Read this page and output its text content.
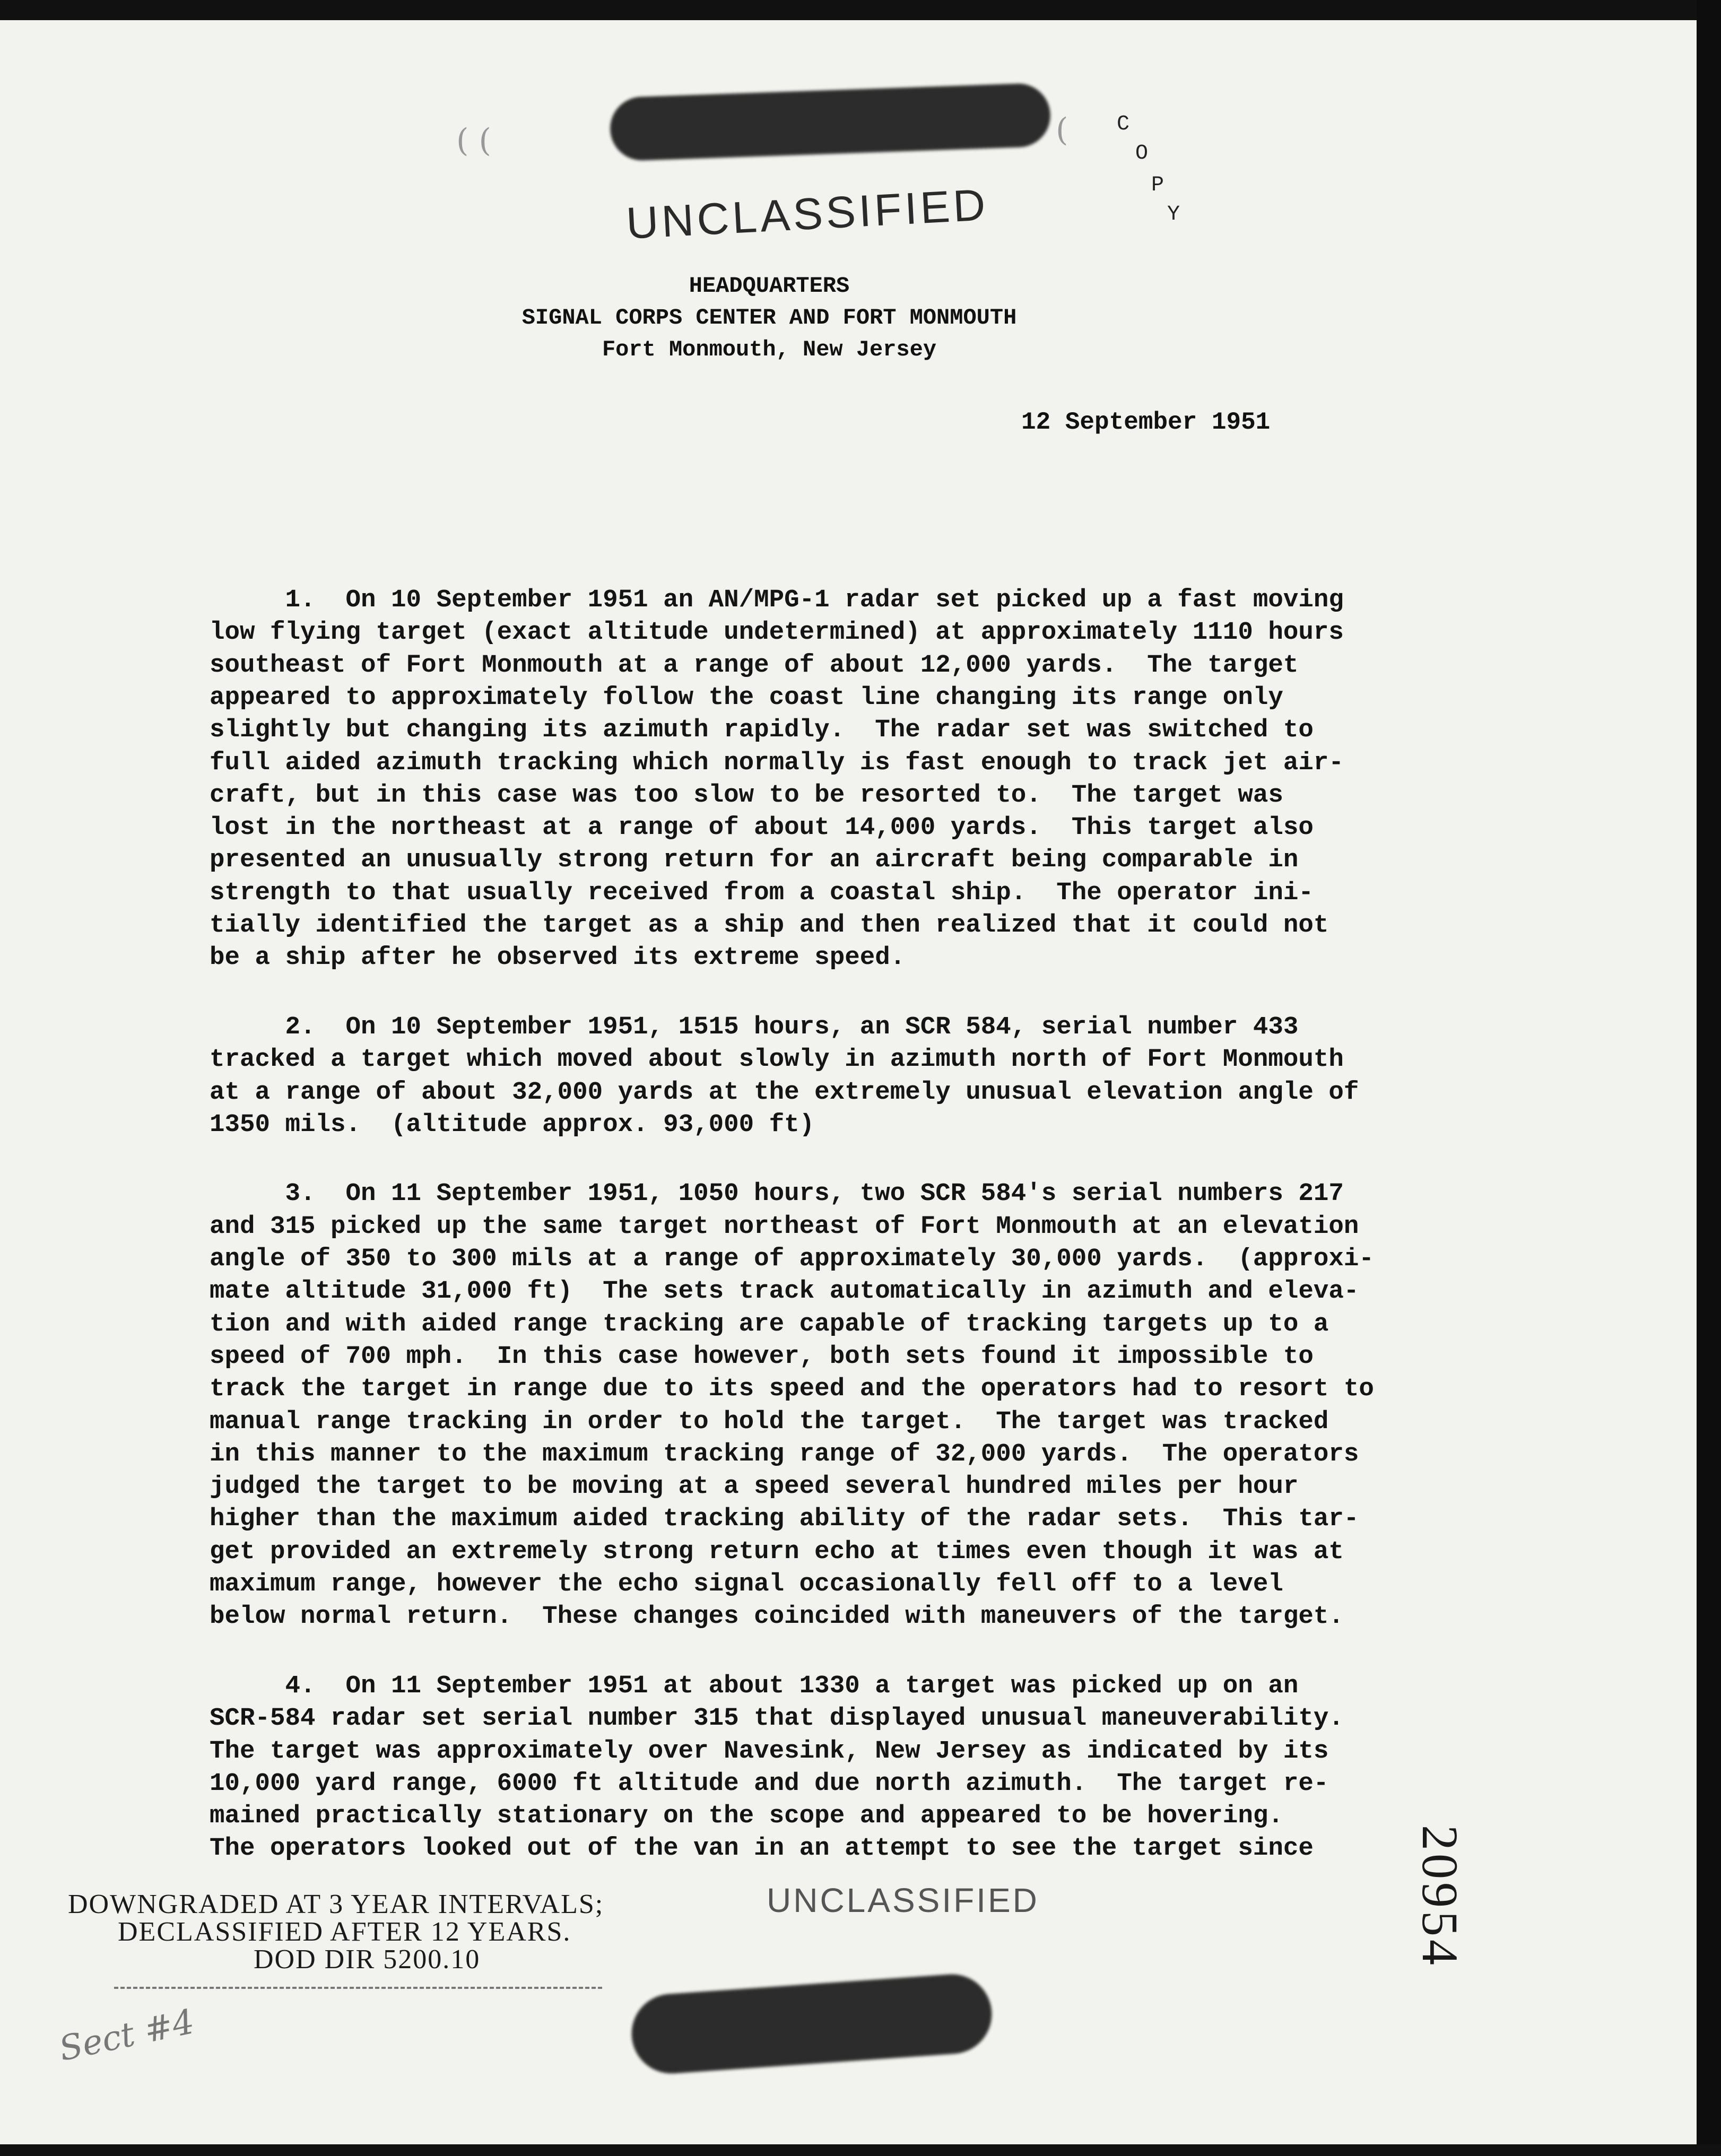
( (	( C
O
P
Y
UNCLASSIFIED
HEADQUARTERS
SIGNAL CORPS CENTER AND FORT MONMOUTH
Fort Monmouth, New Jersey
12 September 1951
1.  On 10 September 1951 an AN/MPG-1 radar set picked up a fast moving
low flying target (exact altitude undetermined) at approximately 1110 hours
southeast of Fort Monmouth at a range of about 12,000 yards.  The target
appeared to approximately follow the coast line changing its range only
slightly but changing its azimuth rapidly.  The radar set was switched to
full aided azimuth tracking which normally is fast enough to track jet air-
craft, but in this case was too slow to be resorted to.  The target was
lost in the northeast at a range of about 14,000 yards.  This target also
presented an unusually strong return for an aircraft being comparable in
strength to that usually received from a coastal ship.  The operator ini-
tially identified the target as a ship and then realized that it could not
be a ship after he observed its extreme speed.
2.  On 10 September 1951, 1515 hours, an SCR 584, serial number 433
tracked a target which moved about slowly in azimuth north of Fort Monmouth
at a range of about 32,000 yards at the extremely unusual elevation angle of
1350 mils.  (altitude approx. 93,000 ft)
3.  On 11 September 1951, 1050 hours, two SCR 584's serial numbers 217
and 315 picked up the same target northeast of Fort Monmouth at an elevation
angle of 350 to 300 mils at a range of approximately 30,000 yards.  (approxi-
mate altitude 31,000 ft)  The sets track automatically in azimuth and eleva-
tion and with aided range tracking are capable of tracking targets up to a
speed of 700 mph.  In this case however, both sets found it impossible to
track the target in range due to its speed and the operators had to resort to
manual range tracking in order to hold the target.  The target was tracked
in this manner to the maximum tracking range of 32,000 yards.  The operators
judged the target to be moving at a speed several hundred miles per hour
higher than the maximum aided tracking ability of the radar sets.  This tar-
get provided an extremely strong return echo at times even though it was at
maximum range, however the echo signal occasionally fell off to a level
below normal return.  These changes coincided with maneuvers of the target.
4.  On 11 September 1951 at about 1330 a target was picked up on an
SCR-584 radar set serial number 315 that displayed unusual maneuverability.
The target was approximately over Navesink, New Jersey as indicated by its
10,000 yard range, 6000 ft altitude and due north azimuth.  The target re-
mained practically stationary on the scope and appeared to be hovering.
The operators looked out of the van in an attempt to see the target since
DOWNGRADED AT 3 YEAR INTERVALS;
DECLASSIFIED AFTER 12 YEARS.
DOD DIR 5200.10
UNCLASSIFIED	20954
Sect #4
